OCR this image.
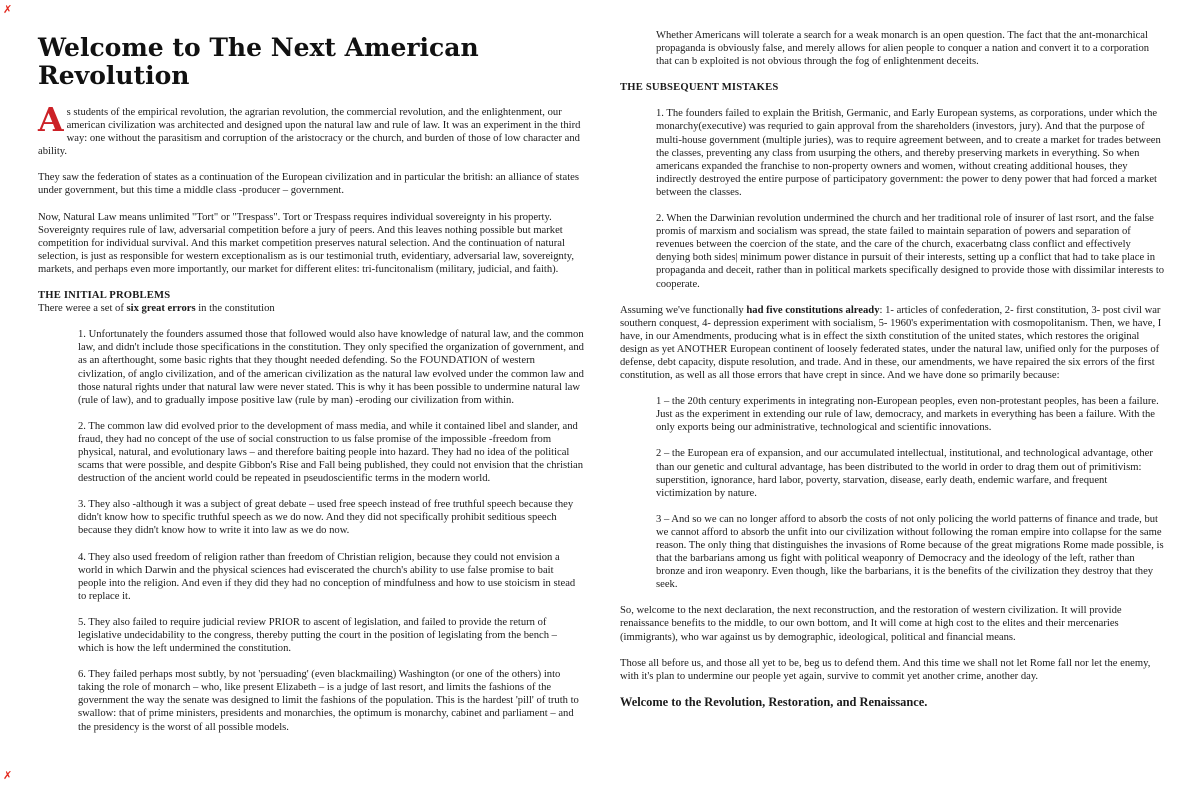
✗
✗
Welcome to The Next American Revolution

As students of the empirical revolution, the agrarian revolution, the commercial revolution, and the enlightenment, our american civilization was architected and designed upon the natural law and rule of law. It was an experiment in the third way: one without the parasitism and corruption of the aristocracy or the church, and burden of those of low character and ability.

They saw the federation of states as a continuation of the European civilization and in particular the british: an alliance of states under government, but this time a middle class -producer – government.

Now, Natural Law means unlimited "Tort" or "Trespass". Tort or Trespass requires individual sovereignty in his property. Sovereignty requires rule of law, adversarial competition before a jury of peers. And this leaves nothing possible but market competition for individual survival. And this market competition preserves natural selection. And the continuation of natural selection, is just as responsible for western exceptionalism as is our testimonial truth, evidentiary, adversarial law, sovereignty, markets, and perhaps even more importantly, our market for different elites: tri-funcitonalism (military, judicial, and faith).

THE INITIAL PROBLEMS

There weree a set of six great errors in the constitution

1. Unfortunately the founders assumed those that followed would also have knowledge of natural law, and the common law, and didn't include those specifications in the constitution. They only specified the organization of government, and as an afterthought, some basic rights that they thought needed defending. So the FOUNDATION of western civlization, of anglo civilization, and of the american civilization as the natural law evolved under the common law and those natural rights under that natural law were never stated. This is why it has been possible to undermine natural law (rule of law), and to gradually impose positive law (rule by man) -eroding our civilization from within.

2. The common law did evolved prior to the development of mass media, and while it contained libel and slander, and fraud, they had no concept of the use of social construction to us false promise of the impossible -freedom from physical, natural, and evolutionary laws – and therefore baiting people into hazard. They had no idea of the political scams that were possible, and despite Gibbon's Rise and Fall being published, they could not envision that the christian destruction of the ancient world could be repeated in pseudoscientific terms in the modern world.

3. They also -although it was a subject of great debate – used free speech instead of free truthful speech because they didn't know how to specific truthful speech as we do now. And they did not specifically prohibit seditious speech because they didn't know how to write it into law as we do now.

4. They also used freedom of religion rather than freedom of Christian religion, because they could not envision a world in which Darwin and the physical sciences had eviscerated the church's ability to use false promise to bait people into the religion. And even if they did they had no conception of mindfulness and how to use stoicism in stead to replace it.

5. They also failed to require judicial review PRIOR to ascent of legislation, and failed to provide the return of legislative undecidability to the congress, thereby putting the court in the position of legislating from the bench – which is how the left undermined the constitution.

6. They failed perhaps most subtly, by not 'persuading' (even blackmailing) Washington (or one of the others) into taking the role of monarch – who, like present Elizabeth – is a judge of last resort, and limits the fashions of the government the way the senate was designed to limit the fashions of the population. This is the hardest 'pill' of truth to swallow: that of prime ministers, presidents and monarchies, the optimum is monarchy, cabinet and parliament – and the presidency is the worst of all possible models.

Whether Americans will tolerate a search for a weak monarch is an open question. The fact that the ant-monarchical propaganda is obviously false, and merely allows for alien people to conquer a nation and convert it to a corporation that can b exploited is not obvious through the fog of enlightenment deceits.

THE SUBSEQUENT MISTAKES

1. The founders failed to explain the British, Germanic, and Early European systems, as corporations, under which the monarchy(executive) was requried to gain approval from the shareholders (investors, jury). And that the purpose of multi-house government (multiple juries), was to require agreement between, and to create a market for trades between the classes, preventing any class from usurping the others, and thereby preserving markets in everything. So when americans expanded the franchise to non-property owners and women, without creating additional houses, they indirectly destroyed the entire purpose of participatory government: the power to deny power that had forced a market between the classes.

2. When the Darwinian revolution undermined the church and her traditional role of insurer of last rsort, and the false promis of marxism and socialism was spread, the state failed to maintain separation of powers and separation of revenues between the coercion of the state, and the care of the church, exacerbatng class conflict and effectively denying both sides| minimum power distance in pursuit of their interests, setting up a conflict that had to take place in propaganda and deceit, rather than in political markets specifically designed to provide those with dissimilar interests to cooperate.

Assuming we've functionally had five constitutions already: 1- articles of confederation, 2- first constitution, 3- post civil war southern conquest, 4- depression experiment with socialism, 5- 1960's experimentation with cosmopolitanism. Then, we have, I have, in our Amendments, producing what is in effect the sixth constitution of the united states, which restores the original design as yet ANOTHER European continent of loosely federated states, under the natural law, unified only for the purposes of defense, debt capacity, dispute resolution, and trade. And in these, our amendments, we have repaired the six errors of the first constitution, as well as all those errors that have crept in since. And we have done so primarily because:

1 – the 20th century experiments in integrating non-European peoples, even non-protestant peoples, has been a failure. Just as the experiment in extending our rule of law, democracy, and markets in everything has been a failure. With the only exports being our administrative, technological and scientific innovations.

2 – the European era of expansion, and our accumulated intellectual, institutional, and technological advantage, other than our genetic and cultural advantage, has been distributed to the world in order to drag them out of primitivism: superstition, ignorance, hard labor, poverty, starvation, disease, early death, endemic warfare, and frequent victimization by nature.

3 – And so we can no longer afford to absorb the costs of not only policing the world patterns of finance and trade, but we cannot afford to absorb the unfit into our civilization without following the roman empire into collapse for the same reason. The only thing that distinguishes the invasions of Rome because of the great migrations Rome made possible, is that the barbarians among us fight with political weaponry of Democracy and the ideology of the left, rather than bronze and iron weaponry. Even though, like the barbarians, it is the benefits of the civilization they destroy that they seek.

So, welcome to the next declaration, the next reconstruction, and the restoration of western civilization. It will provide renaissance benefits to the middle, to our own bottom, and It will come at high cost to the elites and their mercenaries (immigrants), who war against us by demographic, ideological, political and financial means.

Those all before us, and those all yet to be, beg us to defend them. And this time we shall not let Rome fall nor let the enemy, with it's plan to undermine our people yet again, survive to commit yet another crime, another day.

Welcome to the Revolution, Restoration, and Renaissance.
